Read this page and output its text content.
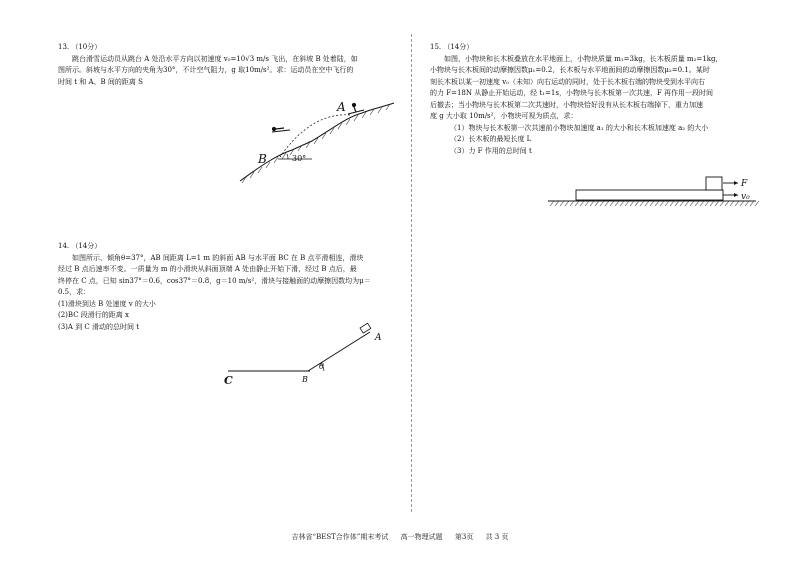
13. （10分）

跳台滑雪运动员从跳台 A 处沿水平方向以初速度 v₀=10√3 m/s 飞出，在斜坡 B 处着陆，如

图所示。斜坡与水平方向的夹角为30°，不计空气阻力，g 取10m/s²。求：运动员在空中飞行的

时间 t 和 A、B 间的距离 S

30°
A
B

14. （14分）

如图所示，倾角θ=37°，AB 间距离 L=1 m 的斜面 AB 与水平面 BC 在 B 点平滑相连，滑块

经过 B 点后速率不变。一质量为 m 的小滑块从斜面顶端 A 处由静止开始下滑，经过 B 点后，最

终停在 C 点，已知 sin37°＝0.6，cos37°＝0.8，g＝10 m/s²，滑块与接触面的动摩擦因数均为μ＝

0.5，求：

(1)滑块到达 B 处速度 v 的大小

(2)BC 段滑行的距离 x

(3)A 到 C 滑动的总时间 t

θ
A
B
C

15. （14分）

如图，小物块和长木板叠放在水平地面上，小物块质量 m₁=3kg，长木板质量 m₂=1kg，

小物块与长木板间的动摩擦因数μ₁=0.2，长木板与水平地面间的动摩擦因数μ₂=0.1。某时

刻长木板以某一初速度 v₀（未知）向右运动的同时，处于长木板右端的物块受到水平向右

的力 F=18N 从静止开始运动，经 t₁=1s，小物块与长木板第一次共速，F 再作用一段时间

后撤去；当小物块与长木板第二次共速时，小物块恰好没有从长木板右端掉下，重力加速

度 g 大小取 10m/s²，小物块可视为质点，求：

（1）物块与长木板第一次共速前小物块加速度 a₁ 的大小和长木板加速度 a₂ 的大小

（2）长木板的最短长度 L

（3）力 F 作用的总时间 t

F
v₀
吉林省“BEST合作体”期末考试 高一物理试题 第3页 共 3 页
